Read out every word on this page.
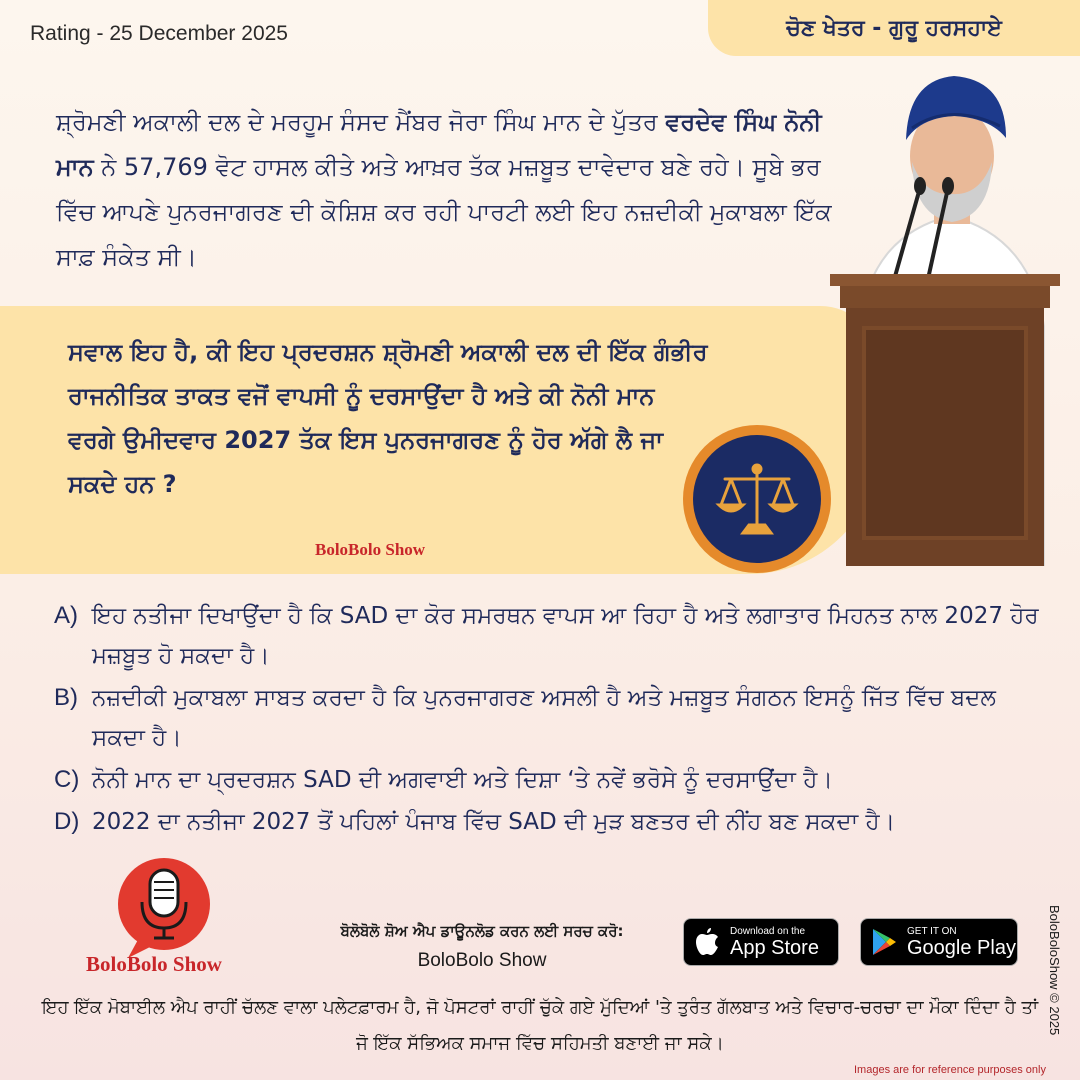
Rating - 25 December 2025	ਚੋਣ ਖੇਤਰ - ਗੁਰੂ ਹਰਸਹਾਏ

ਸ਼੍ਰੋਮਣੀ ਅਕਾਲੀ ਦਲ ਦੇ ਮਰਹੂਮ ਸੰਸਦ ਮੈਂਬਰ ਜੋਰਾ ਸਿੰਘ ਮਾਨ ਦੇ ਪੁੱਤਰ ਵਰਦੇਵ ਸਿੰਘ ਨੋਨੀ ਮਾਨ ਨੇ 57,769 ਵੋਟ ਹਾਸਲ ਕੀਤੇ ਅਤੇ ਆਖ਼ਰ ਤੱਕ ਮਜ਼ਬੂਤ ਦਾਵੇਦਾਰ ਬਣੇ ਰਹੇ। ਸੂਬੇ ਭਰ ਵਿੱਚ ਆਪਣੇ ਪੁਨਰਜਾਗਰਣ ਦੀ ਕੋਸ਼ਿਸ਼ ਕਰ ਰਹੀ ਪਾਰਟੀ ਲਈ ਇਹ ਨਜ਼ਦੀਕੀ ਮੁਕਾਬਲਾ ਇੱਕ ਸਾਫ਼ ਸੰਕੇਤ ਸੀ।

ਸਵਾਲ ਇਹ ਹੈ, ਕੀ ਇਹ ਪ੍ਰਦਰਸ਼ਨ ਸ਼੍ਰੋਮਣੀ ਅਕਾਲੀ ਦਲ ਦੀ ਇੱਕ ਗੰਭੀਰ ਰਾਜਨੀਤਿਕ ਤਾਕਤ ਵਜੋਂ ਵਾਪਸੀ ਨੂੰ ਦਰਸਾਉਂਦਾ ਹੈ ਅਤੇ ਕੀ ਨੋਨੀ ਮਾਨ ਵਰਗੇ ਉਮੀਦਵਾਰ 2027 ਤੱਕ ਇਸ ਪੁਨਰਜਾਗਰਣ ਨੂੰ ਹੋਰ ਅੱਗੇ ਲੈ ਜਾ ਸਕਦੇ ਹਨ ?

BoloBolo Show
A) ਇਹ ਨਤੀਜਾ ਦਿਖਾਉਂਦਾ ਹੈ ਕਿ SAD ਦਾ ਕੋਰ ਸਮਰਥਨ ਵਾਪਸ ਆ ਰਿਹਾ ਹੈ ਅਤੇ ਲਗਾਤਾਰ ਮਿਹਨਤ ਨਾਲ 2027 ਹੋਰ ਮਜ਼ਬੂਤ ਹੋ ਸਕਦਾ ਹੈ।
B) ਨਜ਼ਦੀਕੀ ਮੁਕਾਬਲਾ ਸਾਬਤ ਕਰਦਾ ਹੈ ਕਿ ਪੁਨਰਜਾਗਰਣ ਅਸਲੀ ਹੈ ਅਤੇ ਮਜ਼ਬੂਤ ਸੰਗਠਨ ਇਸਨੂੰ ਜਿੱਤ ਵਿੱਚ ਬਦਲ ਸਕਦਾ ਹੈ।
C) ਨੋਨੀ ਮਾਨ ਦਾ ਪ੍ਰਦਰਸ਼ਨ SAD ਦੀ ਅਗਵਾਈ ਅਤੇ ਦਿਸ਼ਾ ‘ਤੇ ਨਵੇਂ ਭਰੋਸੇ ਨੂੰ ਦਰਸਾਉਂਦਾ ਹੈ।
D) 2022 ਦਾ ਨਤੀਜਾ 2027 ਤੋਂ ਪਹਿਲਾਂ ਪੰਜਾਬ ਵਿੱਚ SAD ਦੀ ਮੁੜ ਬਣਤਰ ਦੀ ਨੀਂਹ ਬਣ ਸਕਦਾ ਹੈ।
BoloBolo Show
ਬੋਲੋਬੋਲੋ ਸ਼ੋਅ ਐਪ ਡਾਊਨਲੋਡ ਕਰਨ ਲਈ ਸਰਚ ਕਰੋ:
BoloBolo Show
Download on the
App Store
GET IT ON
Google Play

ਇਹ ਇੱਕ ਮੋਬਾਈਲ ਐਪ ਰਾਹੀਂ ਚੱਲਣ ਵਾਲਾ ਪਲੇਟਫ਼ਾਰਮ ਹੈ, ਜੋ ਪੋਸਟਰਾਂ ਰਾਹੀਂ ਚੁੱਕੇ ਗਏ ਮੁੱਦਿਆਂ 'ਤੇ ਤੁਰੰਤ ਗੱਲਬਾਤ ਅਤੇ ਵਿਚਾਰ-ਚਰਚਾ ਦਾ ਮੌਕਾ ਦਿੰਦਾ ਹੈ ਤਾਂ ਜੋ ਇੱਕ ਸੱਭਿਅਕ ਸਮਾਜ ਵਿੱਚ ਸਹਿਮਤੀ ਬਣਾਈ ਜਾ ਸਕੇ।

BoloBoloShow © 2025
Images are for reference purposes only
